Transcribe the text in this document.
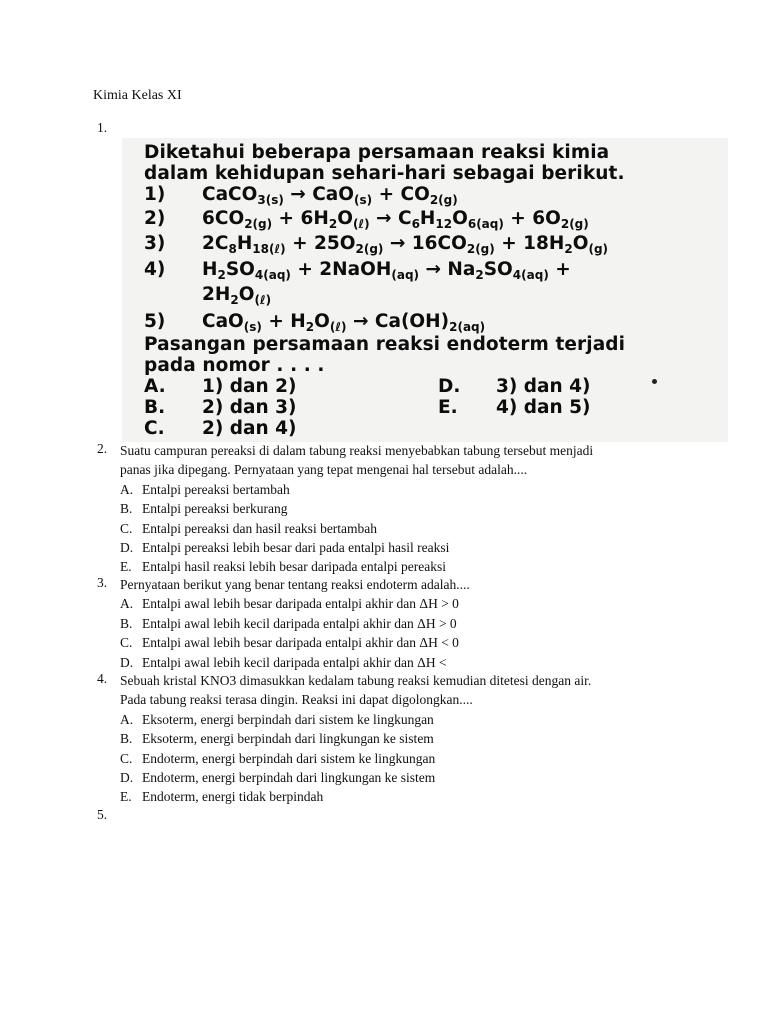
Kimia Kelas XI
1.
Diketahui beberapa persamaan reaksi kimia
dalam kehidupan sehari-hari sebagai berikut.
1) CaCO$_{3(s)}$ → $CaO_{(s)} + CO_{2(g)}$
2) $6CO_{2(g)} + 6H_2O_{(\ell)} \to C_6H_{12}O_{6(aq)} + 6O_{2(g)}$
3) $2C_8H_{18(\ell)} + 25O_{2(g)} \to 16CO_{2(g)} + 18H_2O_{(g)}$
4) $H_2SO_{4(aq)}$ + 2NaOH$_{(aq)}$ → $Na_2SO_{4(aq)}$ +
$2H_2O_{(\ell)}$
5) $CaO_{(s)} + H_2O_{(\ell)} \to Ca(OH)_{2(aq)}$
Pasangan persamaan reaksi endoterm terjadi
pada nomor . . . .
A. 1) dan 2)
B. 2) dan 3)
C. 2) dan 4)
D. 3) dan 4)
E. 4) dan 5)
2. Suatu campuran pereaksi di dalam tabung reaksi menyebabkan tabung tersebut menjadi
panas jika dipegang. Pernyataan yang tepat mengenai hal tersebut adalah....
A. Entalpi pereaksi bertambah
B. Entalpi pereaksi berkurang
C. Entalpi pereaksi dan hasil reaksi bertambah
D. Entalpi pereaksi lebih besar dari pada entalpi hasil reaksi
E. Entalpi hasil reaksi lebih besar daripada entalpi pereaksi
3. Pernyataan berikut yang benar tentang reaksi endoterm adalah....
A. Entalpi awal lebih besar daripada entalpi akhir dan ΔH > 0
B. Entalpi awal lebih kecil daripada entalpi akhir dan ΔH > 0
C. Entalpi awal lebih besar daripada entalpi akhir dan ΔH < 0
D. Entalpi awal lebih kecil daripada entalpi akhir dan ΔH <
4. Sebuah kristal KNO3 dimasukkan kedalam tabung reaksi kemudian ditetesi dengan air.
Pada tabung reaksi terasa dingin. Reaksi ini dapat digolongkan....
A. Eksoterm, energi berpindah dari sistem ke lingkungan
B. Eksoterm, energi berpindah dari lingkungan ke sistem
C. Endoterm, energi berpindah dari sistem ke lingkungan
D. Endoterm, energi berpindah dari lingkungan ke sistem
E. Endoterm, energi tidak berpindah
5.
